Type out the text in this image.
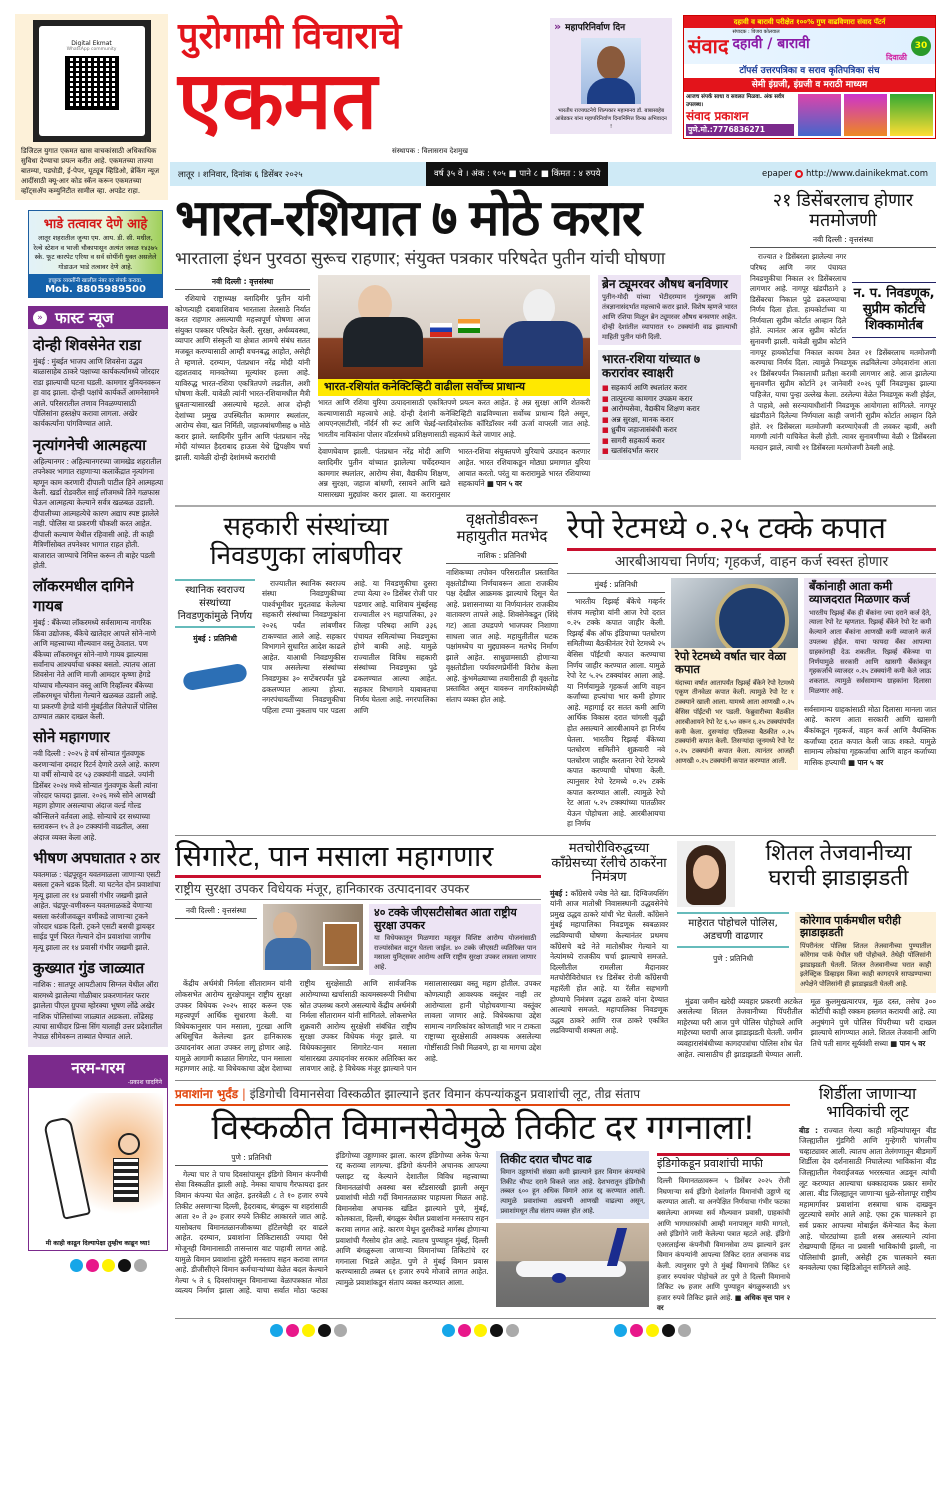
Digital Ekmat
WhatsApp community
डिजिटल युगात एकमत खास वाचकांसाठी अधिकाधिक सुविधा देण्याचा प्रयत्न करीत आहे. एकमतच्या ताज्या बातम्या, पडघोडी, ई-पेपर, यूट्यूब व्हिडिओ, ब्रेकिंग न्यूज आदींसाठी क्यू-आर कोड स्कॅन करून एकमतच्या व्हॉट्सअ‍ॅप कम्युनिटीत सामील व्हा. अपडेट राहा.
भाडे तत्वावर देणे आहे
लातूर शहरातील जुन्या एम. आय. डी. सी. मधील, रेल्वे स्टेशन व भाजी चौकापासून अत्यंत जवळ १४३७५ स्के. फूट कारपेट एरिया व सर्व सोयींनी युक्त असलेले गोडाऊन भाडे तत्वावर देणे आहे.
इच्छुक व्यक्तींनी खालील नंबर वर संपर्क करावा.
Mob. 8805989500
» फास्ट न्यूज
दोन्ही शिवसेनेत राडा
मुंबई : मुंबईत भाजप आणि शिवसेना उद्धव बाळासाहेब ठाकरे पक्षाच्या कार्यकर्त्यांमध्ये जोरदार राडा झाल्याची घटना घडली. कामगार युनियनवरून हा वाद झाला. दोन्ही पक्षांचे कार्यकर्ते आमनेसामने आले. परिसरातील तणाव निवळण्यासाठी पोलिसांना हस्तक्षेप करावा लागला. अखेर कार्यकर्त्यांना पांगविण्यात आले.
नृत्यांगनेची आत्महत्या
अहिल्यानगर : अहिल्यानगरच्या जामखेड शहरातील तपनेश्वर भागात राहणाऱ्या कलाकेंद्रात नृत्यांगना म्हणून काम करणारी दीपाली पाटील हिने आत्महत्या केली. खर्डा रोडवरील साई लॉजमध्ये तिने गळफास घेऊन आत्महत्या केल्याने सर्वत्र खळबळ उडाली. दीपालीच्या आत्महत्येचे कारण अद्याप स्पष्ट झालेले नाही. पोलिस या प्रकरणी चौकशी करत आहेत. दीपाली कल्याण येथील रहिवासी आहे. ती काही मैत्रिणींसोबत तपनेश्वर भागात राहत होती. बाजारात जाण्याचे निमित्त करून ती बाहेर पडली होती.
लॉकरमधील दागिने गायब
मुंबई : बँकेच्या लॉकरमध्ये सर्वसामान्य नागरिक किंवा उद्योजक, बँकेचे खातेदार आपले सोने-नाणे आणि महत्त्वाच्या मौल्यवान वस्तू ठेवतात. पण बँकेच्या लॉकरमधून सोने-नाणे गायब झाल्यास सर्वांनाच आश्चर्याचा धक्का बसतो. त्यातच आता शिवसेना नेते आणि माजी आमदार कृष्णा हेगडे यांच्याच मौल्यवान वस्तू आणि रिव्हॉल्वर बँकेच्या लॉकरमधून चोरीला गेल्याने खळबळ उडाली आहे. या प्रकरणी हेगडे यांनी मुंबईतील विलेपार्ले पोलिस ठाण्यात तक्रार दाखल केली.
सोने महागणार
नवी दिल्ली : २०२५ हे वर्ष सोन्यात गुंतवणूक करणाऱ्यांना दमदार रिटर्न देणारे ठरले आहे. कारण या वर्षी सोन्याचे दर ५३ टक्क्यांनी वाढले. ज्यांनी डिसेंबर २०२४ मध्ये सोन्यात गुंतवणूक केली त्यांना जोरदार फायदा झाला. २०२६ मध्ये सोने आणखी महाग होणार असल्याचा अंदाज वर्ल्ड गोल्ड कौन्सिलने वर्तवला आहे. सोन्याचे दर सध्याच्या स्तरावरून १५ ते ३० टक्क्यांनी वाढतील, असा अंदाज व्यक्त केला आहे.
भीषण अपघातात २ ठार
यवतमाळ : चंद्रपूरहून यवतमाळला जाणाऱ्या एसटी बसला ट्रकने धडक दिली. या घटनेत दोन प्रवाशांचा मृत्यू झाला तर १४ प्रवासी गंभीर जखमी झाले आहेत. चंद्रपूर-वणीवरून यवतमाळकडे येणाऱ्या बसला करंजीजवळून वणीकडे जाणाऱ्या ट्रकने जोरदार धडक दिली. ट्रकने एसटी बसची ड्रायव्हर साईड पूर्ण चिरत गेल्याने दोन प्रवाशांचा जागीच मृत्यू झाला तर १४ प्रवासी गंभीर जखमी झाले.
कुख्यात गुंड जाळ्यात
नाशिक : सातपूर आयटीआय सिग्नल येथील ऑरा बारमध्ये झालेल्या गोळीबार प्रकरणानंतर फरार झालेला पीएल ग्रुपचा म्होरक्या भूषण लोंढे अखेर नाशिक पोलिसांच्या जाळ्यात अडकला. लोंढेसह त्याचा साथीदार प्रिन्स सिंग यालाही उत्तर प्रदेशातील नेपाळ सीमेवरून ताब्यात घेण्यात आले.
नरम-गरम
-प्रकाश घादगिने
मी काही काढून दिल्यापेक्षा तुम्हीच काढून घ्या!
पुरोगामी विचाराचे
एकमत
संस्थापक : विलासराव देशमुख
» महापरिनिर्वाण दिन
भारतीय राज्यघटनेचे शिल्पकार महामानव डॉ. बाबासाहेब आंबेडकर यांना महापरिनिर्वाण दिनानिमित्त विनम्र अभिवादन !
दहावी व बारावी परीक्षेत १००% गुण वाढविणारा संवाद पॅटर्न
संवाद
संपादक : विजय कोलवाल
दहावी / बारावी
दिवाळी
30
टॉपर्स उत्तरपत्रिका व सराव कृतिपत्रिका संच
सेमी इंग्रजी, इंग्रजी व मराठी माध्यम
आजच संपर्क साधा व सवलत मिळवा. अंक सर्वत्र उपलब्ध।
संवाद प्रकाशन
पुणे.मो.:7776836271
लातूर । शनिवार, दिनांक ६ डिसेंबर २०२५	वर्ष ३५ वे । अंक : १०५ ■ पाने ८ ■ किंमत : ४ रुपये	epaper http://www.dainikekmat.com
भारत-रशियात ७ मोठे करार
भारताला इंधन पुरवठा सुरूच राहणार; संयुक्त पत्रकार परिषदेत पुतीन यांची घोषणा
नवी दिल्ली : वृत्तसंस्था
रशियाचे राष्ट्राध्यक्ष व्लादिमीर पुतीन यांनी कोणत्याही दबावाशिवाय भारताला तेलसाठे निर्यात करत राहणार असल्याची महत्त्वपूर्ण घोषणा आज संयुक्त पत्रकार परिषदेत केली. सुरक्षा, अर्थव्यवस्था, व्यापार आणि संस्कृती या क्षेत्रात आमचे संबंध सतत मजबूत करण्यासाठी आम्ही वचनबद्ध आहोत, असेही ते म्हणाले. दरम्यान, पंतप्रधान नरेंद्र मोदी यांनी दहशतवाद मानवतेच्या मूल्यांवर हल्ला आहे. याविरुद्ध भारत-रशिया एकत्रितपणे लढतील, अशी घोषणा केली. यावेळी त्यांनी भारत-रशियामधील मैत्री ध्रुवताऱ्यासारखी असल्याचे म्हटले. आज दोन्ही देशांच्या प्रमुख उपस्थितीत कामगार स्थलांतर, आरोग्य सेवा, खत निर्मिती, जहाजबांधणीसह ७ मोठे करार झाले. व्लादिमीर पुतीन आणि पंतप्रधान नरेंद्र मोदी यांच्यात हैदराबाद हाऊस येथे द्विपक्षीय चर्चा झाली. यावेळी दोन्ही देशांमध्ये करारांची
भारत-रशियांत कनेक्टिव्हिटी वाढीला सर्वोच्च प्राधान्य
भारत आणि रशिया युरिया उत्पादनासाठी एकत्रितपणे प्रयत्न करत आहेत. हे अन्न सुरक्षा आणि शेतकरी कल्याणासाठी महत्त्वाचे आहे. दोन्ही देशांनी कनेक्टिव्हिटी वाढविण्याला सर्वोच्च प्राधान्य दिले असून, आयएनएसटीसी, नॉर्दर्न सी रूट आणि चेन्नई-व्लादिवोस्तोक कॉरिडॉरवर नवी ऊर्जा वापरली जात आहे. भारतीय नाविकांना पोलार वॉटर्समध्ये प्रशिक्षणासाठी सहकार्य केले जाणार आहे.
देवाणघेवाण झाली. पंतप्रधान नरेंद्र मोदी आणि व्लादिमीर पुतीन यांच्यात झालेल्या चर्चेदरम्यान कामगार स्थलांतर, आरोग्य सेवा, वैद्यकीय शिक्षण, अन्न सुरक्षा, जहाज बांधणी, रसायने आणि खते यासारख्या मुद्द्यांवर करार झाला. या करारानुसार भारत-रशिया संयुक्तपणे युरियाचे उत्पादन करणार आहेत. भारत रशियाकडून मोठ्या प्रमाणात युरिया आयात करतो. परंतु या करारामुळे भारत रशियाच्या सहकार्याने ■ पान ५ वर
ब्रेन ट्यूमरवर औषध बनविणार
पुतीन-मोदी यांच्या भेटीदरम्यान गुंतवणूक आणि तंत्रज्ञानासंदर्भात महत्त्वाचे करार झाले. विशेष म्हणजे भारत आणि रशिया मिळून ब्रेन ट्यूमरवर औषध बनवणार आहेत. दोन्ही देशांतील व्यापारात १० टक्क्यांनी वाढ झाल्याची माहिती पुतीन यांनी दिली.
भारत-रशिया यांच्यात ७ करारांवर स्वाक्षरी
■ सहकार्य आणि स्थलांतर करार
■ तात्पुरत्या कामगार उपक्रम करार
■ आरोग्यसेवा, वैद्यकीय शिक्षण करार
■ अन्न सुरक्षा, मानक करार
■ ध्रुवीय जहाजासंबंधी करार
■ सागरी सहकार्य करार
■ खतांसंदर्भात करार
२१ डिसेंबरलाच होणार मतमोजणी
नवी दिल्ली : वृत्तसंस्था
न. प. निवडणूक, सुप्रीम कोर्टाचे शिक्कामोर्तब
राज्यात २ डिसेंबरला झालेल्या नगर परिषद आणि नगर पंचायत निवडणुकीचा निकाल २१ डिसेंबरलाच लागणार आहे. नागपूर खंडपीठाने ३ डिसेंबरचा निकाल पुढे ढकलण्याचा निर्णय दिला होता. हायकोर्टाच्या या निर्णयाला सुप्रीम कोर्टात आव्हान दिले होते. त्यानंतर आज सुप्रीम कोर्टात सुनावणी झाली. यावेळी सुप्रीम कोर्टाने नागपूर हायकोर्टाचा निकाल कायम ठेवत २१ डिसेंबरलाच मतमोजणी करण्याचा निर्णय दिला. त्यामुळे निवडणूक लढविलेल्या उमेदवारांना आता २१ डिसेंबरपर्यंत निकालाची प्रतीक्षा करावी लागणार आहे. आज झालेल्या सुनावणीत सुप्रीम कोर्टाने ३१ जानेवारी २०२६ पूर्वी निवडणुका झाल्या पाहिजेत, याचा पुन्हा उल्लेख केला. ठरलेल्या वेळेत निवडणूक कशी होईल, ते पाहावे, असे सरन्यायाधीशांनी निवडणूक आयोगाला सांगितले. नागपूर खंडपीठाने दिलेल्या निर्णयाला काही जणांनी सुप्रीम कोर्टात आव्हान दिले होते. २१ डिसेंबरला मतमोजणी करण्याऐवजी ती लवकर व्हावी, अशी मागणी त्यांनी याचिकेत केली होती. त्यावर सुनावणीच्या वेळी २ डिसेंबरला मतदान झाले, त्याची २१ डिसेंबरला मतमोजणी ठेवली आहे.
सहकारी संस्थांच्या निवडणुका लांबणीवर
स्थानिक स्वराज्य संस्थांच्या निवडणुकांमुळे निर्णय
मुंबई : प्रतिनिधी
राज्यातील स्थानिक स्वराज्य संस्था निवडणुकीच्या पार्श्वभूमीवर मुदतवाढ केलेल्या सहकारी संस्थांच्या निवडणुकांना २०२६ पर्यंत लांबणीवर टाकण्यात आले आहे. सहकार विभागाने सुधारित आदेश काढले आहेत. याआधी निवडणुकीस पात्र असलेल्या संस्थांच्या निवडणुका ३० सप्टेंबरपर्यंत पुढे ढकलण्यात आल्या होत्या. नगरपंचायतींच्या निवडणुकीचा पहिला टप्पा नुकताच पार पडला आहे. या निवडणुकीचा दुसरा टप्पा येत्या २० डिसेंबर रोजी पार पडणार आहे. याशिवाय मुंबईसह राज्यातील २९ महापालिका, ३२ जिल्हा परिषदा आणि ३३६ पंचायत समित्यांच्या निवडणुका होणे बाकी आहे. यामुळे राज्यातील विविध सहकारी संस्थांच्या निवडणुका पुढे ढकलण्यात आल्या आहेत. सहकार विभागाने याबाबतचा निर्णय घेतला आहे. नगरपालिका आणि
वृक्षतोडीवरून महायुतीत मतभेद
नाशिक : प्रतिनिधी
नाशिकच्या तपोवन परिसरातील प्रस्तावित वृक्षतोडीच्या निर्णयावरून आता राजकीय पक्ष देखील आक्रमक झाल्याचे दिसून येत आहे. प्रशासनाच्या या निर्णयानंतर राजकीय वातावरण तापले आहे. शिवसेनेकडून (शिंदे गट) आता उघडपणे भाजपवर निशाणा साधला जात आहे. महायुतीतील घटक पक्षांमध्येच या मुद्द्यावरून मतभेद निर्माण झाले आहेत. साधुग्रामसाठी होणाऱ्या वृक्षतोडीला पर्यावरणप्रेमींनी विरोध केला आहे. कुंभमेळ्याच्या तयारीसाठी ही वृक्षतोड प्रस्तावित असून यावरून नागरिकांमध्येही संताप व्यक्त होत आहे.
रेपो रेटमध्ये ०.२५ टक्के कपात
आरबीआयचा निर्णय; गृहकर्ज, वाहन कर्ज स्वस्त होणार
मुंबई : प्रतिनिधी
भारतीय रिझर्व्ह बँकेचे गव्हर्नर संजय मल्होत्रा यांनी आज रेपो दरात ०.२५ टक्के कपात जाहीर केली. रिझर्व्ह बँक ऑफ इंडियाच्या पतधोरण समितीच्या बैठकीनंतर रेपो रेटमध्ये २५ बेसिस पॉईंटची कपात करण्याचा निर्णय जाहीर करण्यात आला. यामुळे रेपो रेट ५.२५ टक्क्यांवर आला आहे. या निर्णयामुळे गृहकर्ज आणि वाहन कर्जांच्या हप्त्यांचा भार कमी होणार आहे. महागाई दर सतत कमी आणि आर्थिक विकास दरात चांगली वृद्धी होत असल्याने आरबीआयने हा निर्णय घेतला. भारतीय रिझर्व्ह बँकेच्या पतधोरण समितीने शुक्रवारी नवे पतधोरण जाहीर करताना रेपो रेटमध्ये कपात करण्याची घोषणा केली. त्यानुसार रेपो रेटमध्ये ०.२५ टक्के कपात करण्यात आली. त्यामुळे रेपो रेट आता ५.२५ टक्क्यांच्या पातळीवर येऊन पोहोचला आहे. आरबीआयचा हा निर्णय
रेपो रेटमध्ये वर्षात चार वेळा कपात
यंदाच्या वर्षात आतापर्यंत रिझर्व्ह बँकेने रेपो रेटमध्ये एकूण तीनवेळा कपात केली. त्यामुळे रेपो रेट १ टक्क्याने खाली आला. यामध्ये आता आणखी ०.२५ बेसिस पॉईंटची भर पडली. फेब्रुवारीच्या बैठकीत आरबीआयने रेपो रेट ६.५० वरून ६.२५ टक्क्यांपर्यंत कमी केला. दुसऱ्यांदा एप्रिलच्या बैठकीत ०.२५ टक्क्यांनी कपात केली. तिसऱ्यांदा जूनमध्ये रेपो रेट ०.२५ टक्क्यांनी कपात केला. त्यानंतर आजही आणखी ०.२५ टक्क्यांनी कपात करण्यात आली.
बँकांनाही आता कमी व्याजदरात मिळणार कर्ज
भारतीय रिझर्व्ह बँक ही बँकांना ज्या दराने कर्ज देते, त्याला रेपो रेट म्हणतात. रिझर्व्ह बँकेने रेपो रेट कमी केल्याने आता बँकांना आणखी कमी व्याजाने कर्ज उपलब्ध होईल. याचा फायदा बँका आपल्या ग्राहकांनाही देऊ शकतील. रिझर्व्ह बँकेच्या या निर्णयामुळे सरकारी आणि खासगी बँकांकडून गृहकर्जाचे व्याजदर ०.२५ टक्क्यांनी कमी केले जाऊ शकतात. त्यामुळे सर्वसामान्य ग्राहकांना दिलासा मिळणार आहे.
सर्वसामान्य ग्राहकांसाठी मोठा दिलासा मानला जात आहे. कारण आता सरकारी आणि खासगी बँकांकडून गृहकर्ज, वाहन कर्ज आणि वैयक्तिक कर्जांच्या दरात कपात केली जाऊ शकते. यामुळे सामान्य लोकांचा गृहकर्जाचा आणि वाहन कर्जाच्या मासिक हप्त्याची ■ पान ५ वर
सिगारेट, पान मसाला महागणार
राष्ट्रीय सुरक्षा उपकर विधेयक मंजूर, हानिकारक उत्पादनावर उपकर
नवी दिल्ली : वृत्तसंस्था	४० टक्के जीएसटीसोबत आता राष्ट्रीय सुरक्षा उपकर
या विधेयकातून मिळणारा महसूल विशिष्ट आरोग्य योजनांसाठी राज्यांसोबत वाटून घेतला जाईल. ४० टक्के जीएसटी व्यतिरिक्त पान मसाला युनिट्सवर आरोग्य आणि राष्ट्रीय सुरक्षा उपकर लावला जाणार आहे.
केंद्रीय अर्थमंत्री निर्मला सीतारामन यांनी लोकसभेत आरोग्य सुरक्षेपासून राष्ट्रीय सुरक्षा उपकर विधेयक २०२५ सादर करून एक महत्त्वपूर्ण आर्थिक सुधारणा केली. या विधेयकानुसार पान मसाला, गुटखा आणि अधिसूचित केलेल्या इतर हानिकारक उत्पादनांवर आता उपकर लागू होणार आहे. यामुळे आगामी काळात सिगारेट, पान मसाला महागणार आहे. या विधेयकाचा उद्देश देशाच्या राष्ट्रीय सुरक्षेसाठी आणि सार्वजनिक आरोग्याच्या खर्चासाठी कायमस्वरूपी निधीचा स्रोत उपलब्ध करणे असल्याचे केंद्रीय अर्थमंत्री निर्मला सीतारामन यांनी सांगितले. लोकसभेत शुक्रवारी आरोग्य सुरक्षेशी संबंधित राष्ट्रीय सुरक्षा उपकर विधेयक मंजूर झाले. या विधेयकानुसार सिगारेट-पान मसाला यांसारख्या उत्पादनांवर सरकार अतिरिक्त कर लावणार आहे. हे विधेयक मंजूर झाल्याने पान मसालासारख्या वस्तू महाग होतील. उपकर कोणत्याही आवश्यक वस्तूंवर नाही तर आरोग्याला हानी पोहोचवणाऱ्या वस्तूंवर लावला जाणार आहे. विधेयकाचा उद्देश सामान्य नागरिकांवर कोणताही भार न टाकता राष्ट्राच्या सुरक्षेसाठी आवश्यक असलेल्या गोष्टींसाठी निधी मिळवणे, हा या मागचा उद्देश आहे.
मतचोरीविरुद्धच्या काँग्रेसच्या रॅलीचे ठाकरेंना निमंत्रण
मुंबई : काँग्रेसचे ज्येष्ठ नेते खा. दिग्विजयसिंग यांनी आज मातोश्री निवासस्थानी उद्धवसेनेचे प्रमुख उद्धव ठाकरे यांची भेट घेतली. काँग्रेसने मुंबई महापालिका निवडणूक स्वबळावर लढविण्याची घोषणा केल्यानंतर प्रथमच काँग्रेसचे बडे नेते मातोश्रीवर गेल्याने या नेत्यांमध्ये राजकीय चर्चा झाल्याचे समजते. दिल्लीतील रामलीला मैदानावर मतचोरीविरोधात १४ डिसेंबर रोजी काँग्रेसची महारॅली होत आहे. या रॅलीत सहभागी होण्याचे निमंत्रण उद्धव ठाकरे यांना देण्यात आल्याचे समजते. महापालिका निवडणूक उद्धव ठाकरे आणि राज ठाकरे एकत्रित लढविण्याची शक्यता आहे.
शितल तेजवानीच्या घराची झाडाझडती
माहेरात पोहोचले पोलिस, अडचणी वाढणार
पुणे : प्रतिनिधी
कोरेगाव पार्कमधील घरीही झाडाझडती
पिंपरीनंतर पोलिस शितल तेजवानीच्या पुण्यातील कोरेगाव पार्क येथील घरी पोहोचले. तेथेही पोलिसांनी झाडाझडती घेतली. शितल तेजवानीच्या घरात काही इलेक्ट्रिक डिव्हाइस किंवा काही कागदपत्रे सापडण्याच्या अपेक्षेने पोलिसांनी ही झाडाझडती घेतली आहे.
मुंढवा जमीन खरेदी व्यवहार प्रकरणी अटकेत असलेल्या शितल तेजवानीच्या पिंपरीतील माहेरच्या घरी आज पुणे पोलिस पोहोचले आणि माहेरच्या घराची आज झाडाझडती घेतली. जमीन व्यवहारासंबंधीच्या कागदपत्रांचा पोलिस शोध घेत आहेत. त्यासाठीच ही झाडाझडती घेण्यात आली. मूळ कुलमुखत्यारपत्र, मूळ दस्त, तसेच ३०० कोटींची काही रक्कम हस्तगत करायची आहे. त्या अनुषंगाने पुणे पोलिस पिंपरीच्या घरी दाखल झाल्याचे सांगण्यात आले. शितल तेजवानी आणि तिचे पती सागर सूर्यवंशी सध्या ■ पान ५ वर
प्रवाशांना भुर्दंड | इंडिगोची विमानसेवा विस्कळीत झाल्याने इतर विमान कंपन्यांकडून प्रवाशांची लूट, तीव्र संताप
विस्कळीत विमानसेवेमुळे तिकीट दर गगनाला!
पुणे : प्रतिनिधी
गेल्या चार ते पाच दिवसांपासून इंडिगो विमान कंपनीची सेवा विस्कळीत झाली आहे. नेमका याचाच गैरफायदा इतर विमान कंपन्या घेत आहेत. इतरवेळी ८ ते १० हजार रुपये तिकीट असणाऱ्या दिल्ली, हैदराबाद, बंगळुरू या शहरांसाठी आता २० ते ३० हजार रुपये तिकीट आकारले जात आहे. यासोबतच विमानतळानजीकच्या हॉटेलचेही दर वाढले आहेत. दरम्यान, प्रवाशांना तिकिटासाठी ज्यादा पैसे मोजूनही विमानासाठी तासन्तास वाट पाहावी लागत आहे. यामुळे विमान प्रवाशांना दुहेरी मनस्ताप सहन करावा लागत आहे. डीजीसीएने विमान कर्मचाऱ्यांच्या वेळेत बदल केल्याने गेल्या ५ ते ६ दिवसांपासून विमानाच्या वेळापत्रकात मोठा व्यत्यय निर्माण झाला आहे. याचा सर्वात मोठा फटका इंडिगोच्या उड्डाणावर झाला. कारण इंडिगोच्या अनेक फेऱ्या रद्द कराव्या लागल्या. इंडिगो कंपनीने अचानक आपल्या फ्लाइट रद्द केल्याने देशातील विविध महत्त्वाच्या विमानतळांची अवस्था बस स्टँडसारखी झाली असून प्रवाशांची मोठी गर्दी विमानतळावर पाहायला मिळत आहे. विमानसेवा अचानक खंडित झाल्याने पुणे, मुंबई, कोलकाता, दिल्ली, बंगळुरू येथील प्रवाशांना मनस्ताप सहन करावा लागत आहे. कारण येथून दुसरीकडे मार्गस्थ होणाऱ्या प्रवाशांची गैरसोय होत आहे. त्यातच पुण्याहून मुंबई, दिल्ली आणि बंगळुरूला जाणाऱ्या विमानांच्या तिकिटांचे दर गगनाला भिडले आहेत. पुणे ते मुंबई विमान प्रवास करण्यासाठी तब्बल ६१ हजार रुपये मोजावे लागत आहेत. त्यामुळे प्रवाशांकडून संताप व्यक्त करण्यात आला.
तिकीट दरात चौपट वाढ
विमान उड्डाणांची संख्या कमी झाल्याने इतर विमान कंपन्यांचे तिकीट चौपट दराने विकले जात आहे. देशभरातून इंडिगोची तब्बल ६०० हून अधिक विमाने आज रद्द करण्यात आली. त्यामुळे प्रवाशांच्या अडचणी आणखी वाढल्या असून, प्रवाशांमधून तीव्र संताप व्यक्त होत आहे.
इंडिगोकडून प्रवाशांची माफी
दिल्ली विमानतळावरून ५ डिसेंबर २०२५ रोजी निघणाऱ्या सर्व इंडिगो देशांतर्गत विमानांची उड्डाणे रद्द करण्यात आली. या अनपेक्षित निर्णयाचा गंभीर फटका बसलेल्या आमच्या सर्व मौल्यवान प्रवासी, ग्राहकांची आणि भागधारकांची आम्ही मनापासून माफी मागतो, असे इंडिगोने जारी केलेल्या पत्रात म्हटले आहे. इंडिगो एअरलाईन्स कंपनीची विमानसेवा ठप्प झाल्याने इतर विमान कंपन्यांनी आपल्या तिकिट दरात अचानक वाढ केली. त्यानुसार पुणे ते मुंबई विमानाचे तिकिट ६१ हजार रुपयांवर पोहोचले तर पुणे ते दिल्ली विमानाचे तिकिट २७ हजार आणि पुण्याहून बंगळुरूसाठी ४९ हजार रुपये तिकिट झाले आहे. ■ अधिक वृत्त पान २ वर
शिर्डीला जाणाऱ्या भाविकांची लूट
बीड : राज्यात गेल्या काही महिन्यांपासून बीड जिल्ह्यातील गुंडगिरी आणि गुन्हेगारी चांगलीच चव्हाट्यावर आली. त्यातच आता तेलंगणातून बीडमार्गे शिर्डीला देव दर्शनासाठी निघालेल्या भाविकांना बीड जिल्ह्यातील गेवराईजवळ भररस्त्यात अडवून त्यांची लूट करण्यात आल्याचा धक्कादायक प्रकार समोर आला. बीड जिल्ह्यातून जाणाऱ्या धुळे-सोलापूर राष्ट्रीय महामार्गावर प्रवाशांना शस्त्राचा धाक दाखवून लुटल्याचे समोर आले आहे. एका ट्रक चालकाने हा सर्व प्रकार आपल्या मोबाईल कॅमेऱ्यात कैद केला आहे. चोरट्यांच्या हाती शस्त्र असल्याने त्यांना रोखण्याची हिंमत ना प्रवासी भाविकांची झाली, ना पोलिसांची झाली, असेही ट्रक चालकाने स्वतः बनवलेल्या एका व्हिडिओतून सांगितले आहे.
